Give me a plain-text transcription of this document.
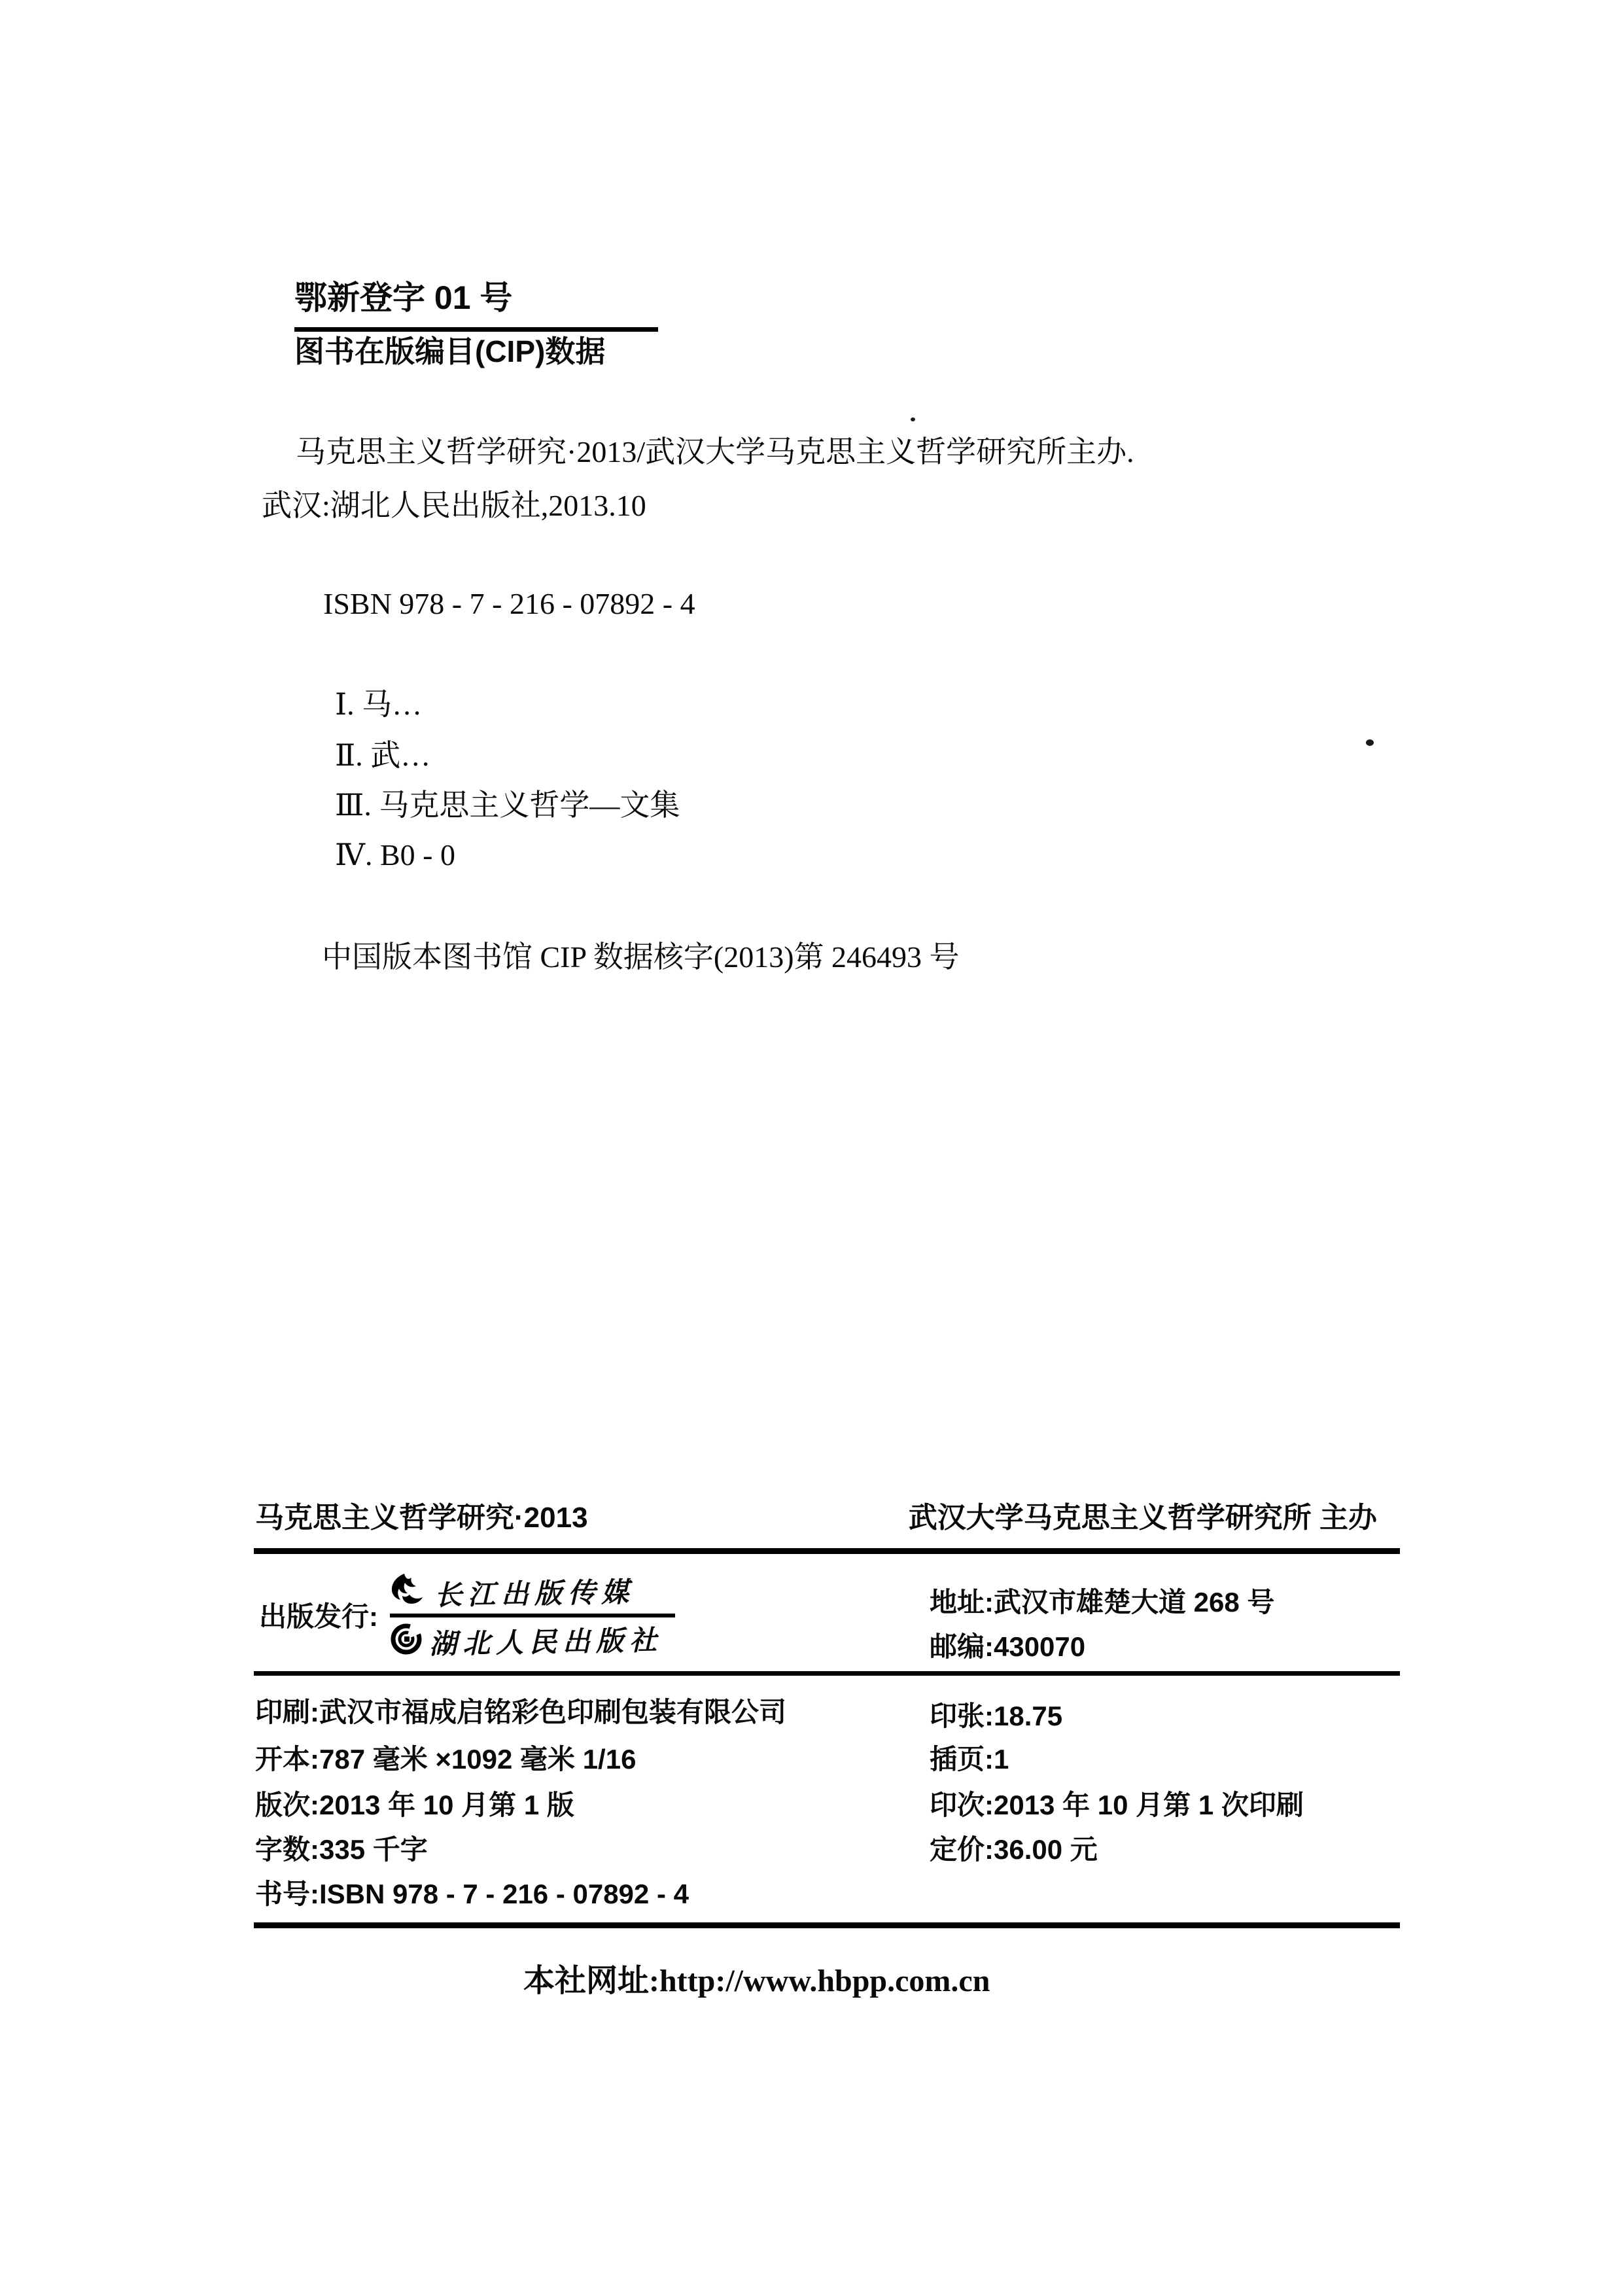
鄂新登字 01 号
图书在版编目(CIP)数据
马克思主义哲学研究·2013/武汉大学马克思主义哲学研究所主办.
武汉:湖北人民出版社,2013.10
ISBN 978 - 7 - 216 - 07892 - 4
Ⅰ. 马…
Ⅱ. 武…
Ⅲ. 马克思主义哲学—文集
Ⅳ. B0 - 0
中国版本图书馆 CIP 数据核字(2013)第 246493 号
马克思主义哲学研究·2013	武汉大学马克思主义哲学研究所 主办
出版发行:
长江出版传媒
湖北人民出版社
地址:武汉市雄楚大道 268 号
邮编:430070
印刷:武汉市福成启铭彩色印刷包装有限公司
开本:787 毫米 ×1092 毫米 1/16
版次:2013 年 10 月第 1 版
字数:335 千字
书号:ISBN 978 - 7 - 216 - 07892 - 4
印张:18.75
插页:1
印次:2013 年 10 月第 1 次印刷
定价:36.00 元
本社网址:http://www.hbpp.com.cn
